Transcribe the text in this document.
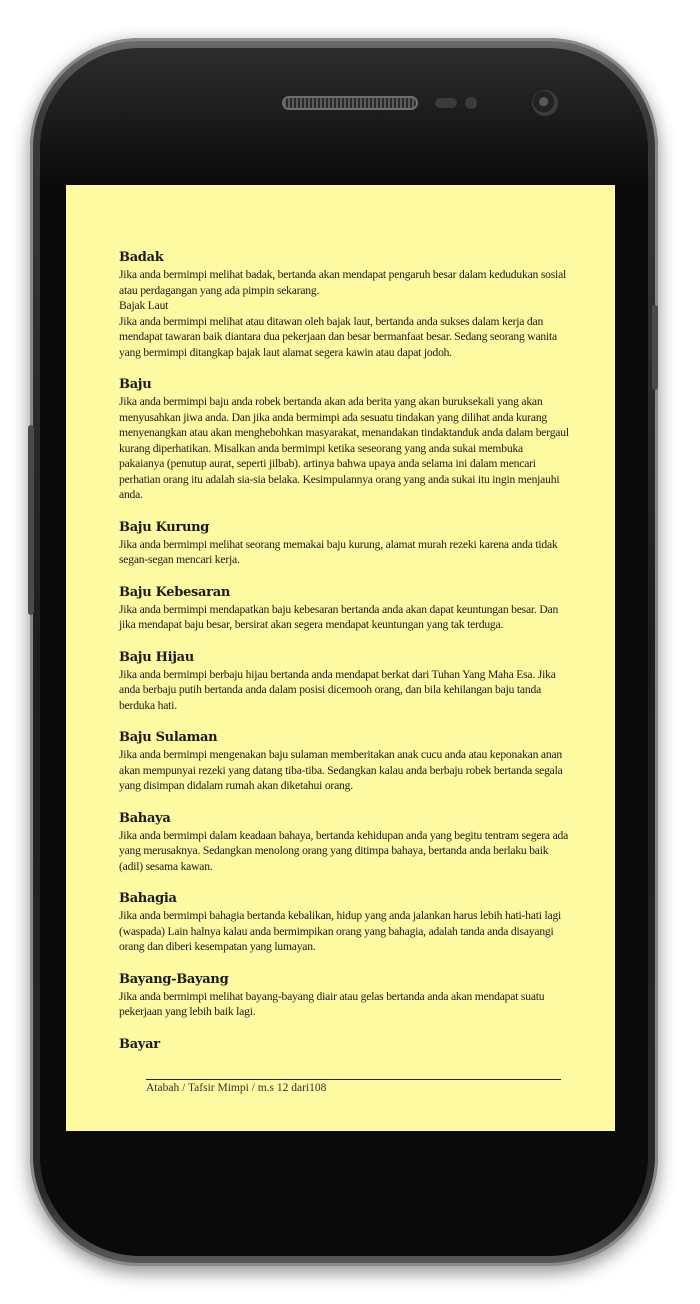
Badak
Jika anda bermimpi melihat badak, bertanda akan mendapat pengaruh besar dalam kedudukan sosial atau perdagangan yang ada pimpin sekarang.
Bajak Laut
Jika anda bermimpi melihat atau ditawan oleh bajak laut, bertanda anda sukses dalam kerja dan mendapat tawaran baik diantara dua pekerjaan dan besar bermanfaat besar. Sedang seorang wanita yang bermimpi ditangkap bajak laut alamat segera kawin atau dapat jodoh.
Baju
Jika anda bermimpi baju anda robek bertanda akan ada berita yang akan buruksekali yang akan menyusahkan jiwa anda. Dan jika anda bermimpi ada sesuatu tindakan yang dilihat anda kurang menyenangkan atau akan menghebohkan masyarakat, menandakan tindaktanduk anda dalam bergaul kurang diperhatikan. Misalkan anda bermimpi ketika seseorang yang anda sukai membuka pakaianya (penutup aurat, seperti jilbab). artinya bahwa upaya anda selama ini dalam mencari perhatian orang itu adalah sia-sia belaka. Kesimpulannya orang yang anda sukai itu ingin menjauhi anda.
Baju Kurung
Jika anda bermimpi melihat seorang memakai baju kurung, alamat murah rezeki karena anda tidak segan-segan mencari kerja.
Baju Kebesaran
Jika anda bermimpi mendapatkan baju kebesaran bertanda anda akan dapat keuntungan besar. Dan jika mendapat baju besar, bersirat akan segera mendapat keuntungan yang tak terduga.
Baju Hijau
Jika anda bermimpi berbaju hijau bertanda anda mendapat berkat dari Tuhan Yang Maha Esa. Jika anda berbaju putih bertanda anda dalam posisi dicemooh orang, dan bila kehilangan baju tanda berduka hati.
Baju Sulaman
Jika anda bermimpi mengenakan baju sulaman memberitakan anak cucu anda atau keponakan anan akan mempunyai rezeki yang datang tiba-tiba. Sedangkan kalau anda berbaju robek bertanda segala yang disimpan didalam rumah akan diketahui orang.
Bahaya
Jika anda bermimpi dalam keadaan bahaya, bertanda kehidupan anda yang begitu tentram segera ada yang merusaknya. Sedangkan menolong orang yang ditimpa bahaya, bertanda anda berlaku baik (adil) sesama kawan.
Bahagia
Jika anda bermimpi bahagia bertanda kebalikan, hidup yang anda jalankan harus lebih hati-hati lagi (waspada) Lain halnya kalau anda bermimpikan orang yang bahagia, adalah tanda anda disayangi orang dan diberi kesempatan yang lumayan.
Bayang-Bayang
Jika anda bermimpi melihat bayang-bayang diair atau gelas bertanda anda akan mendapat suatu pekerjaan yang lebih baik lagi.
Bayar
Atabah / Tafsir Mimpi / m.s 12 dari108
